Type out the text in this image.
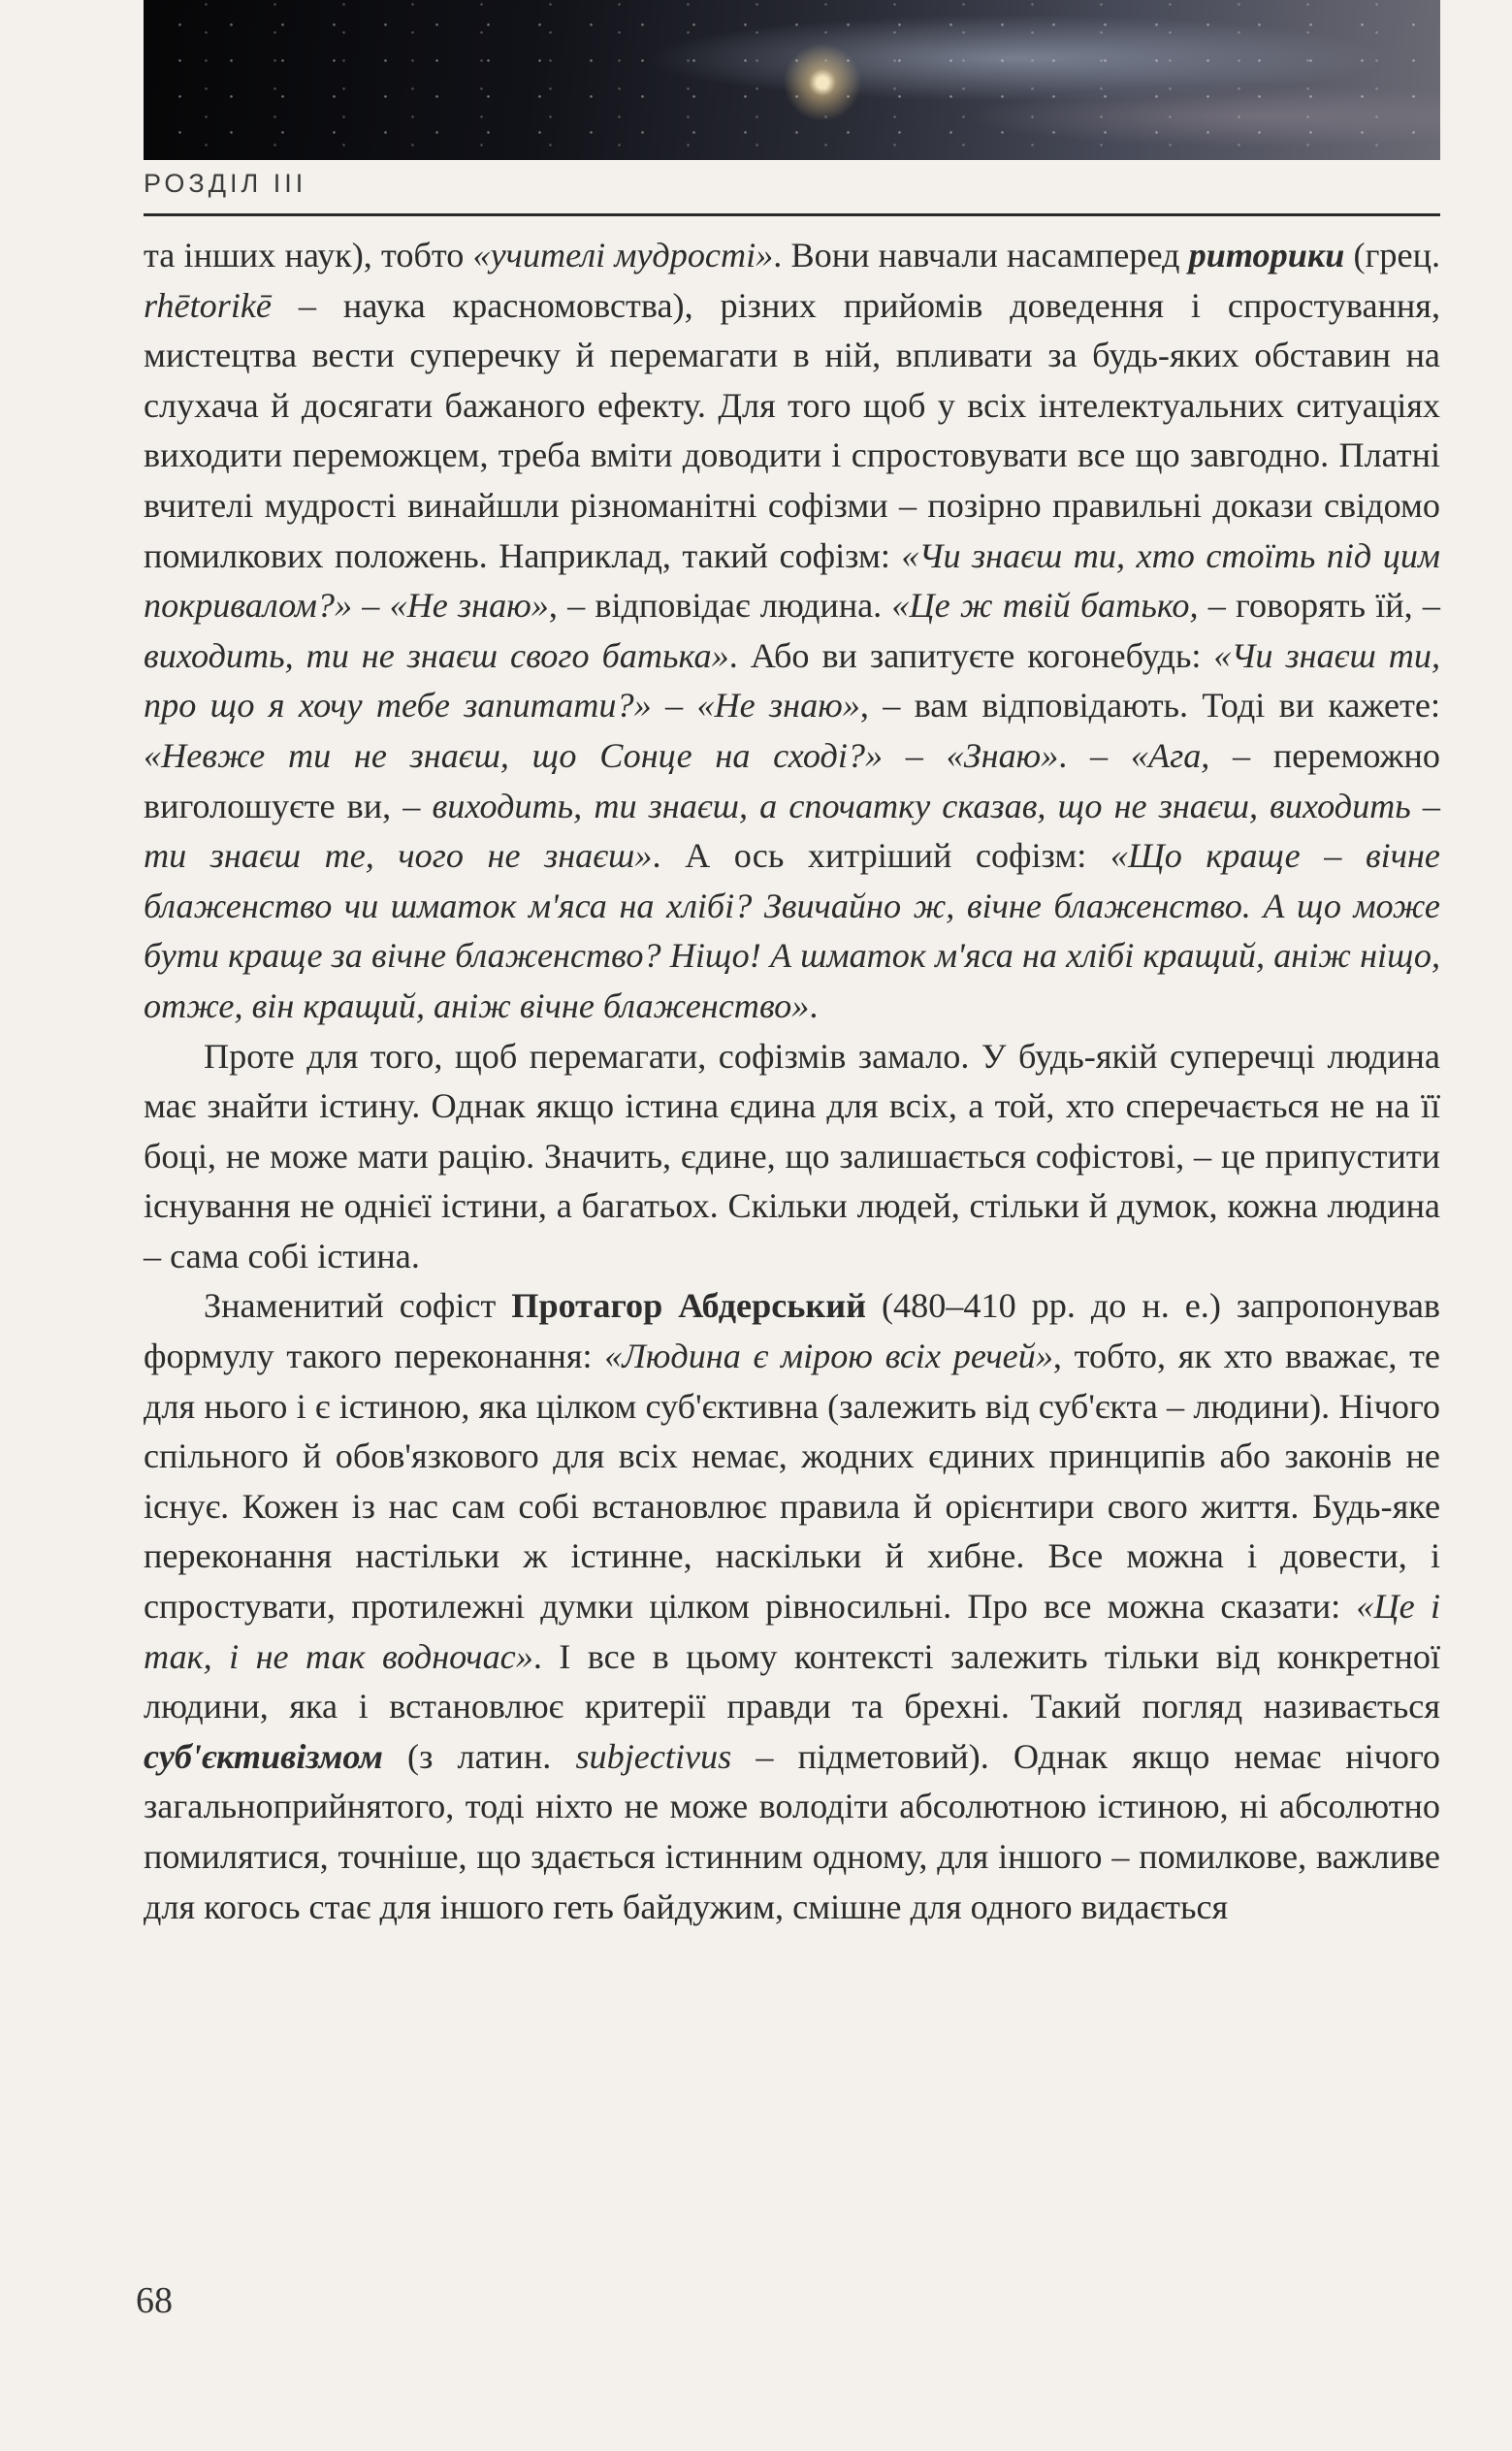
РОЗДІЛ III

та інших наук), тобто «учителі мудрості». Вони навчали насамперед риторики (грец. rhētorikē – наука красномовства), різних прийомів доведення і спростування, мистецтва вести суперечку й перемагати в ній, впливати за будь-яких обставин на слухача й досягати бажаного ефекту. Для того щоб у всіх інтелектуальних ситуаціях виходити переможцем, треба вміти доводити і спростовувати все що завгодно. Платні вчителі мудрості винайшли різноманітні софізми – позірно правильні докази свідомо помилкових положень. Наприклад, такий софізм: «Чи знаєш ти, хто стоїть під цим покривалом?» – «Не знаю», – відповідає людина. «Це ж твій батько, – говорять їй, – виходить, ти не знаєш свого батька». Або ви запитуєте когонебудь: «Чи знаєш ти, про що я хочу тебе запитати?» – «Не знаю», – вам відповідають. Тоді ви кажете: «Невже ти не знаєш, що Сонце на сході?» – «Знаю». – «Ага, – переможно виголошуєте ви, – виходить, ти знаєш, а спочатку сказав, що не знаєш, виходить – ти знаєш те, чого не знаєш». А ось хитріший софізм: «Що краще – вічне блаженство чи шматок м'яса на хлібі? Звичайно ж, вічне блаженство. А що може бути краще за вічне блаженство? Ніщо! А шматок м'яса на хлібі кращий, аніж ніщо, отже, він кращий, аніж вічне блаженство».

Проте для того, щоб перемагати, софізмів замало. У будь-якій суперечці людина має знайти істину. Однак якщо істина єдина для всіх, а той, хто сперечається не на її боці, не може мати рацію. Значить, єдине, що залишається софістові, – це припустити існування не однієї істини, а багатьох. Скільки людей, стільки й думок, кожна людина – сама собі істина.

Знаменитий софіст Протагор Абдерський (480–410 рр. до н. е.) запропонував формулу такого переконання: «Людина є мірою всіх речей», тобто, як хто вважає, те для нього і є істиною, яка цілком суб'єктивна (залежить від суб'єкта – людини). Нічого спільного й обов'язкового для всіх немає, жодних єдиних принципів або законів не існує. Кожен із нас сам собі встановлює правила й орієнтири свого життя. Будь-яке переконання настільки ж істинне, наскільки й хибне. Все можна і довести, і спростувати, протилежні думки цілком рівносильні. Про все можна сказати: «Це і так, і не так водночас». І все в цьому контексті залежить тільки від конкретної людини, яка і встановлює критерії правди та брехні. Такий погляд називається суб'єктивізмом (з латин. subjectivus – підметовий). Однак якщо немає нічого загальноприйнятого, тоді ніхто не може володіти абсолютною істиною, ні абсолютно помилятися, точніше, що здається істинним одному, для іншого – помилкове, важливе для когось стає для іншого геть байдужим, смішне для одного видається

68
